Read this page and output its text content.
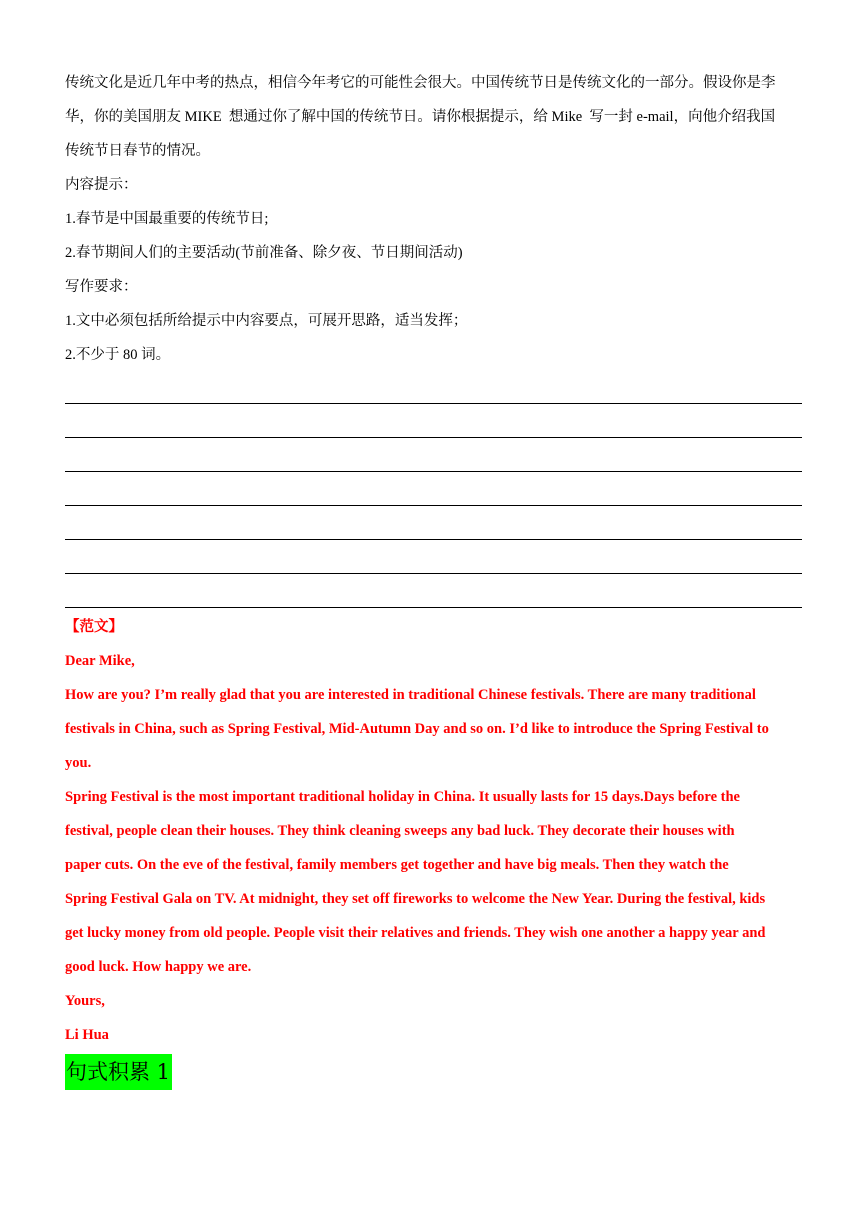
传统文化是近几年中考的热点，相信今年考它的可能性会很大。中国传统节日是传统文化的一部分。假设你是李
华，你的美国朋友 MIKE  想通过你了解中国的传统节日。请你根据提示，给 Mike  写一封 e-mail，向他介绍我国
传统节日春节的情况。
内容提示：
1.春节是中国最重要的传统节日;
2.春节期间人们的主要活动(节前准备、除夕夜、节日期间活动)
写作要求：
1.文中必须包括所给提示中内容要点，可展开思路，适当发挥；
2.不少于 80 词。
【范文】
Dear Mike,
How are you? I’m really glad that you are interested in traditional Chinese festivals. There are many traditional
festivals in China, such as Spring Festival, Mid-Autumn Day and so on. I’d like to introduce the Spring Festival to
you.
Spring Festival is the most important traditional holiday in China. It usually lasts for 15 days.Days before the
festival, people clean their houses. They think cleaning sweeps any bad luck. They decorate their houses with
paper cuts. On the eve of the festival, family members get together and have big meals. Then they watch the
Spring Festival Gala on TV. At midnight, they set off fireworks to welcome the New Year. During the festival, kids
get lucky money from old people. People visit their relatives and friends. They wish one another a happy year and
good luck. How happy we are.
Yours,
Li Hua
句式积累 1
